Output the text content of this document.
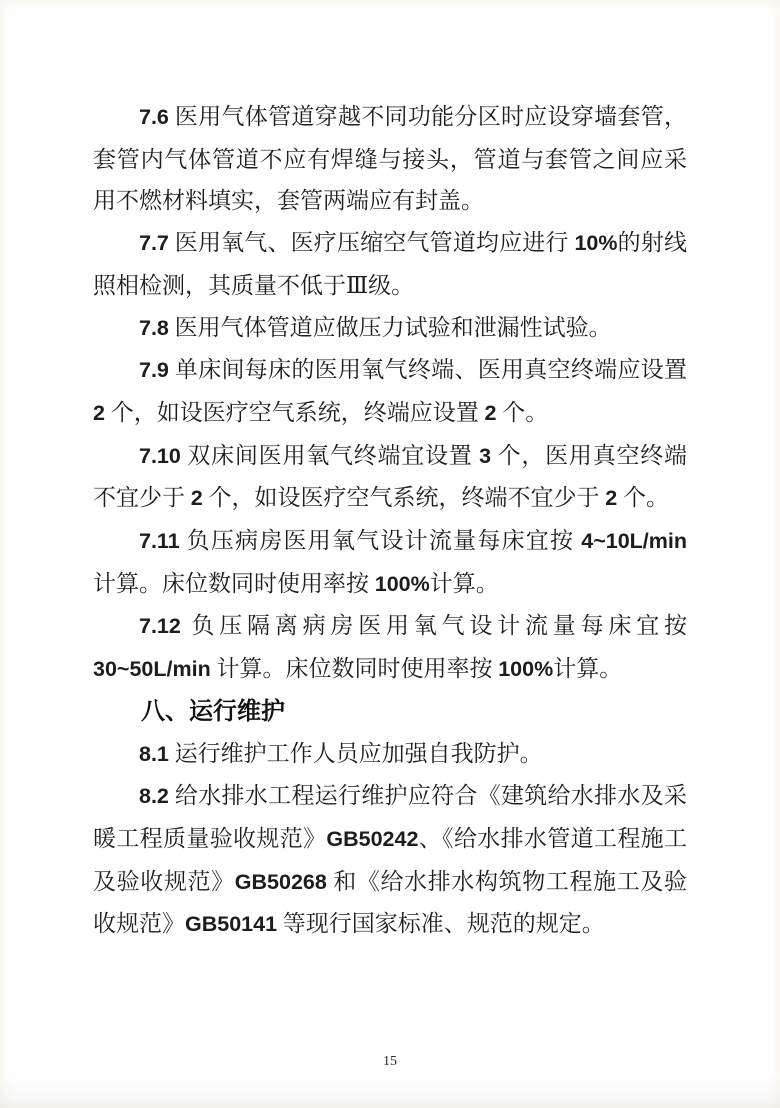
7.6 医用气体管道穿越不同功能分区时应设穿墙套管，套管内气体管道不应有焊缝与接头，管道与套管之间应采用不燃材料填实，套管两端应有封盖。

7.7 医用氧气、医疗压缩空气管道均应进行 10%的射线照相检测，其质量不低于Ⅲ级。

7.8 医用气体管道应做压力试验和泄漏性试验。

7.9 单床间每床的医用氧气终端、医用真空终端应设置 2 个，如设医疗空气系统，终端应设置 2 个。

7.10 双床间医用氧气终端宜设置 3 个，医用真空终端不宜少于 2 个，如设医疗空气系统，终端不宜少于 2 个。

7.11 负压病房医用氧气设计流量每床宜按 4~10L/min 计算。床位数同时使用率按 100%计算。

7.12 负压隔离病房医用氧气设计流量每床宜按 30~50L/min 计算。床位数同时使用率按 100%计算。

八、运行维护

8.1 运行维护工作人员应加强自我防护。

8.2 给水排水工程运行维护应符合《建筑给水排水及采暖工程质量验收规范》GB50242、《给水排水管道工程施工及验收规范》GB50268 和《给水排水构筑物工程施工及验收规范》GB50141 等现行国家标准、规范的规定。

15
